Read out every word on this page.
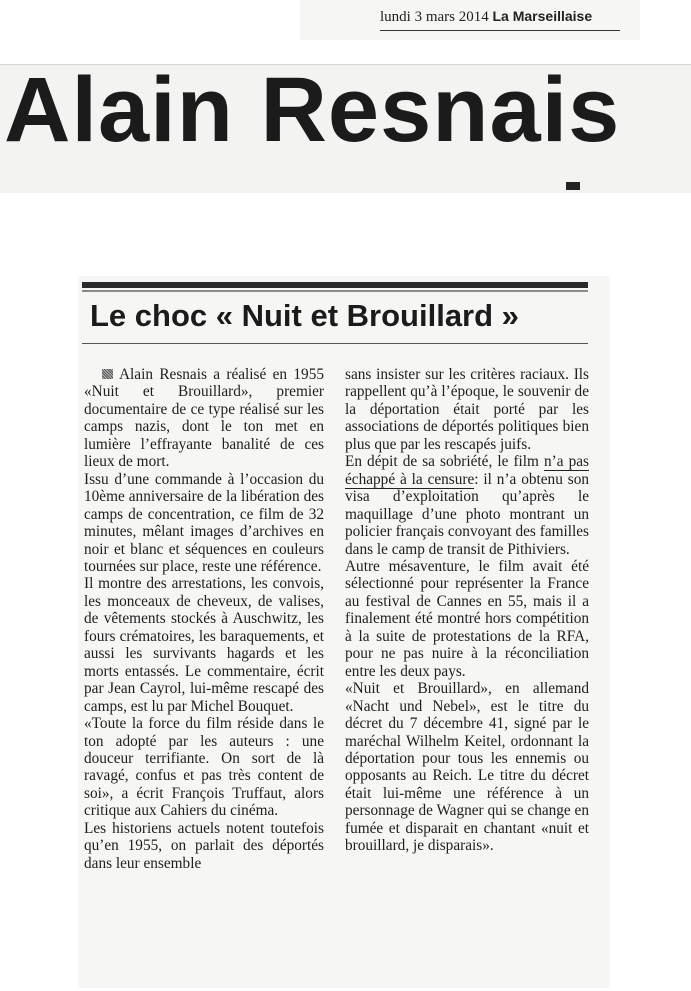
lundi 3 mars 2014 La Marseillaise
Alain Resnais
Le choc « Nuit et Brouillard »

Alain Resnais a réalisé en 1955 «Nuit et Brouillard», premier documentaire de ce type réalisé sur les camps nazis, dont le ton met en lumière l’effrayante banalité de ces lieux de mort.

Issu d’une commande à l’occasion du 10ème anniversaire de la libération des camps de concentration, ce film de 32 minutes, mêlant images d’archives en noir et blanc et séquences en couleurs tournées sur place, reste une référence.

Il montre des arrestations, les convois, les monceaux de cheveux, de valises, de vêtements stockés à Auschwitz, les fours crématoires, les baraquements, et aussi les survivants hagards et les morts entassés. Le commentaire, écrit par Jean Cayrol, lui-même rescapé des camps, est lu par Michel Bouquet.

«Toute la force du film réside dans le ton adopté par les auteurs : une douceur terrifiante. On sort de là ravagé, confus et pas très content de soi», a écrit François Truffaut, alors critique aux Cahiers du cinéma.

Les historiens actuels notent toutefois qu’en 1955, on parlait des déportés dans leur ensemble

sans insister sur les critères raciaux. Ils rappellent qu’à l’époque, le souvenir de la déportation était porté par les associations de déportés politiques bien plus que par les rescapés juifs.

En dépit de sa sobriété, le film n’a pas échappé à la censure: il n’a obtenu son visa d’exploitation qu’après le maquillage d’une photo montrant un policier français convoyant des familles dans le camp de transit de Pithiviers.

Autre mésaventure, le film avait été sélectionné pour représenter la France au festival de Cannes en 55, mais il a finalement été montré hors compétition à la suite de protestations de la RFA, pour ne pas nuire à la réconciliation entre les deux pays.

«Nuit et Brouillard», en allemand «Nacht und Nebel», est le titre du décret du 7 décembre 41, signé par le maréchal Wilhelm Keitel, ordonnant la déportation pour tous les ennemis ou opposants au Reich. Le titre du décret était lui-même une référence à un personnage de Wagner qui se change en fumée et disparait en chantant «nuit et brouillard, je disparais».
